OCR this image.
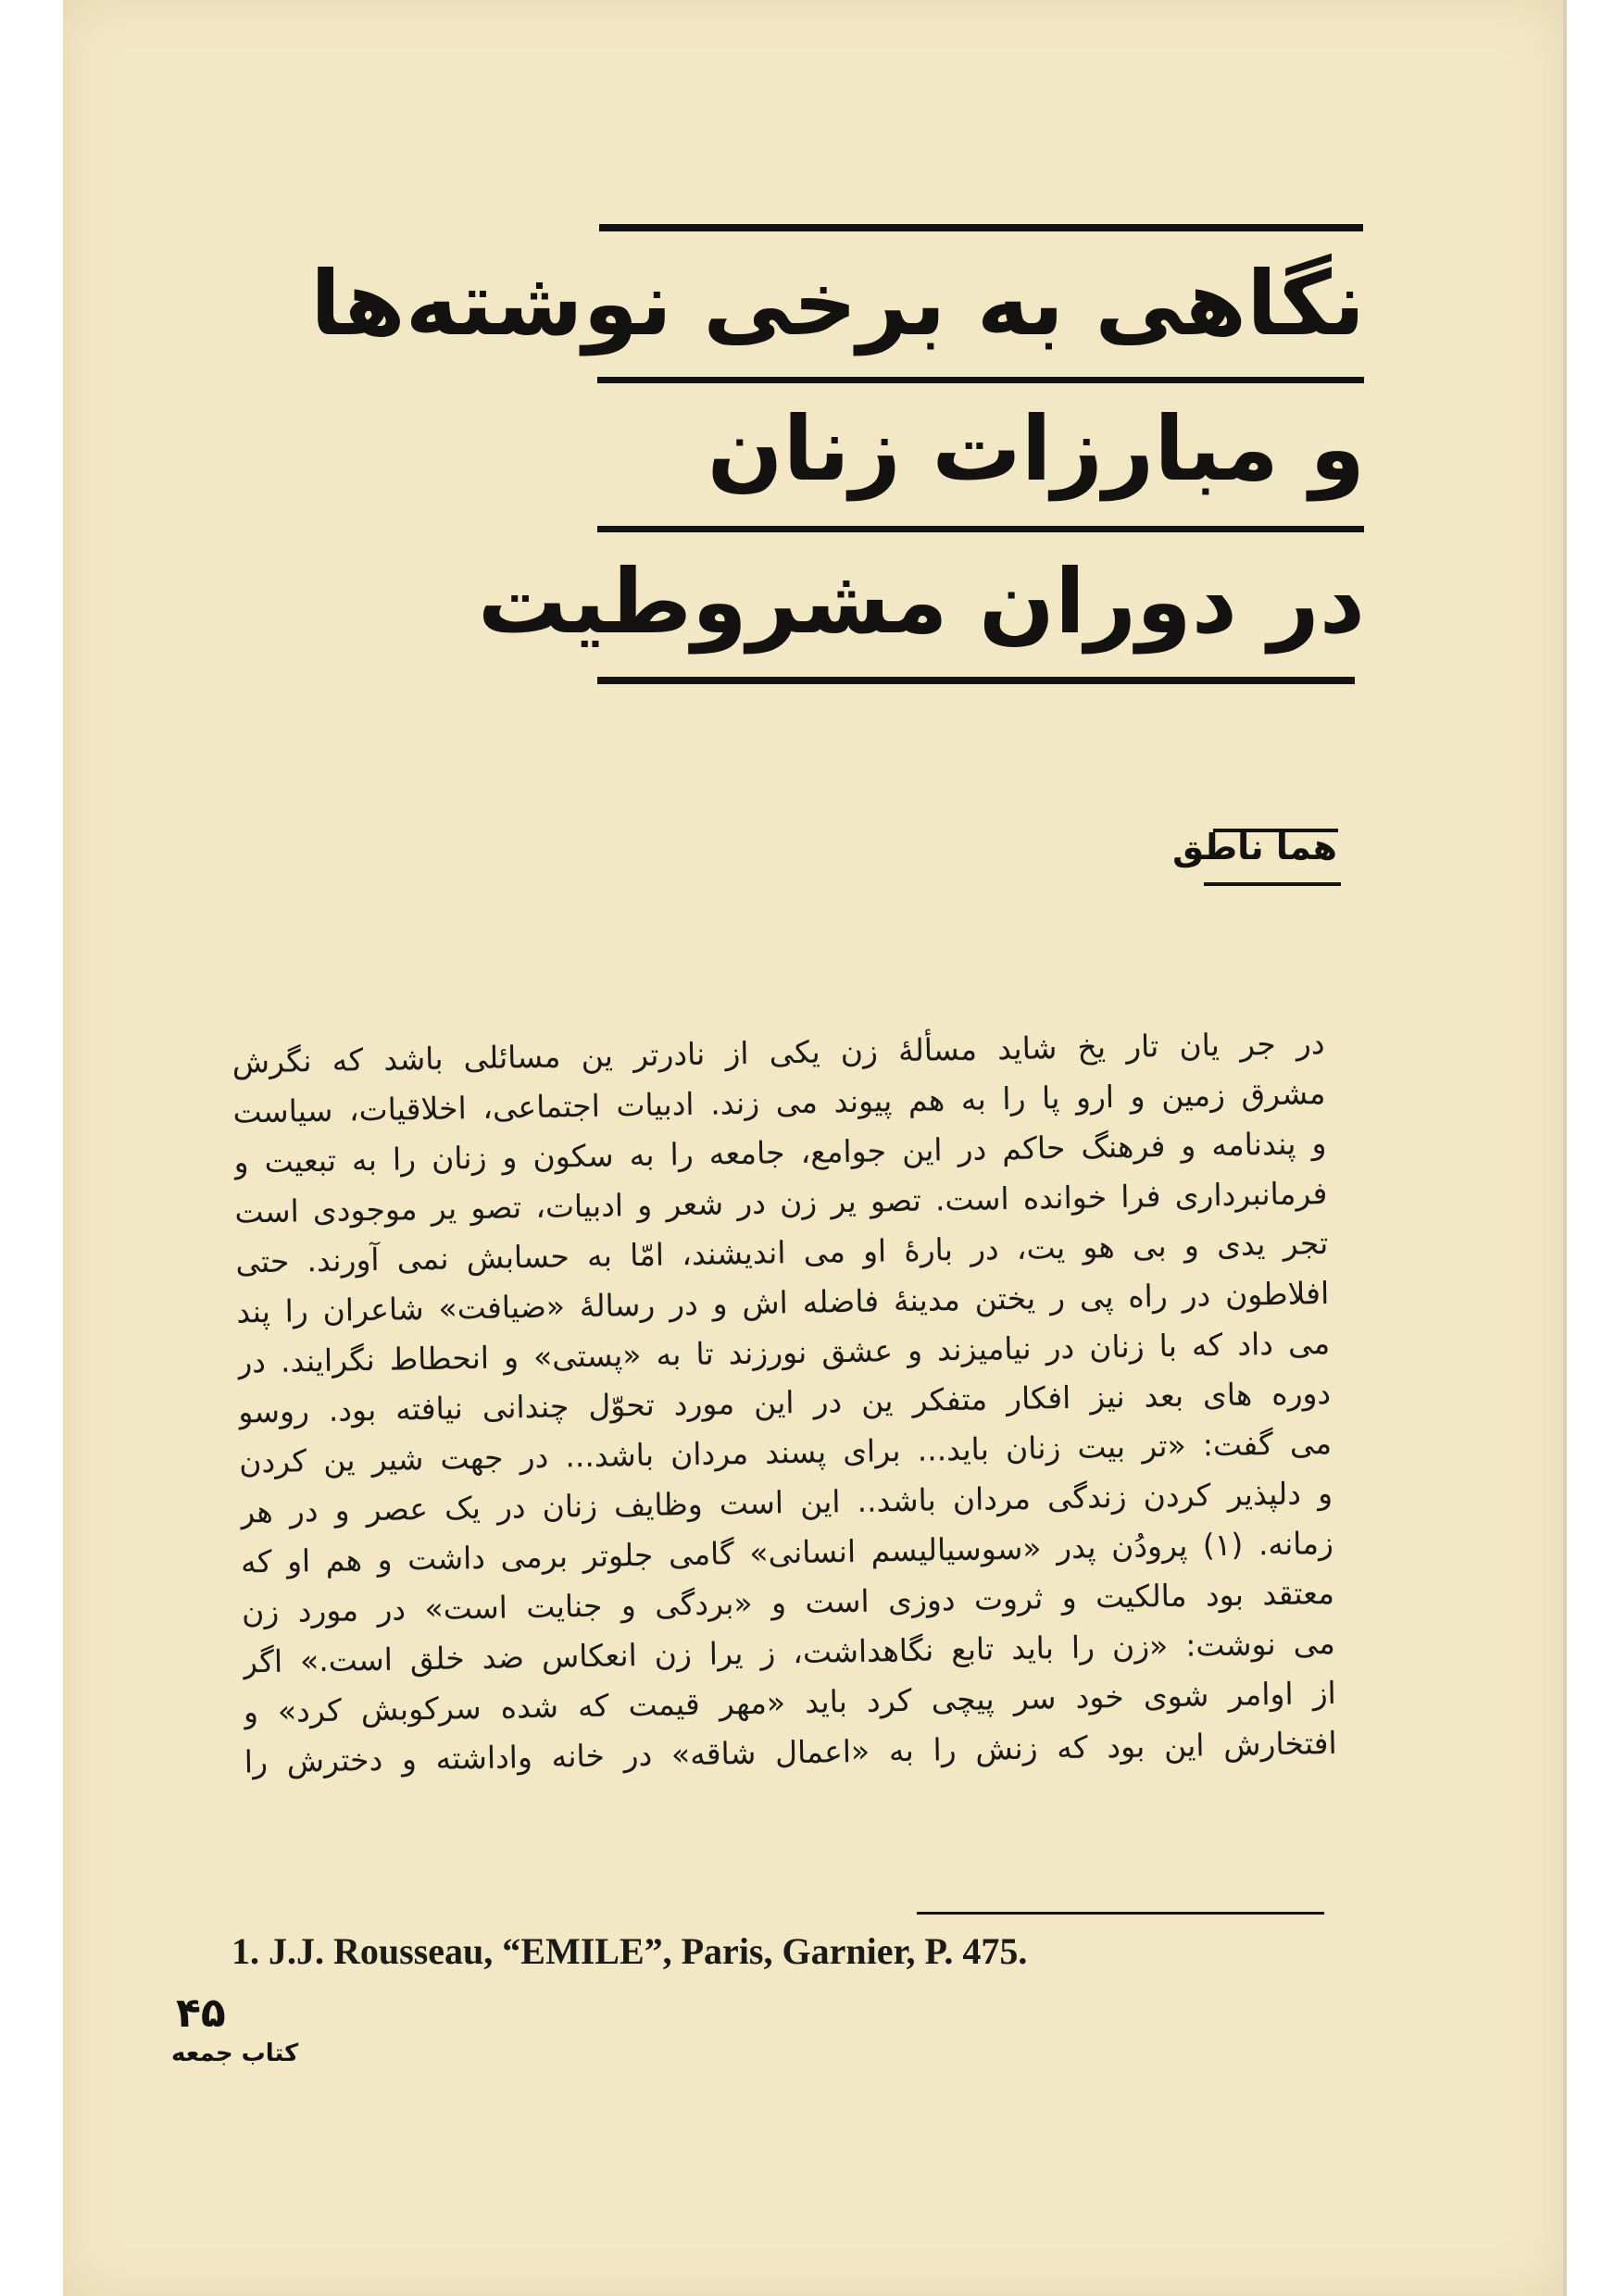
نگاهی به برخی نوشته‌ها
و مبارزات زنان
در دوران مشروطیت
هما ناطق
در جر یان تار یخ شاید مسألهٔ زن یکی از نادرتر ین مسائلی باشد که نگرش
مشرق زمین و ارو پا را به هم پیوند می زند. ادبیات اجتماعی، اخلاقیات، سیاست
و پندنامه و فرهنگ حاکم در این جوامع، جامعه را به سکون و زنان را به تبعیت و
فرمانبرداری فرا خوانده است. تصو یر زن در شعر و ادبیات، تصو یر موجودی است
تجر یدی و بی هو یت، در بارهٔ او می اندیشند، امّا به حسابش نمی آورند. حتی
افلاطون در راه پی ر یختن مدینهٔ فاضله اش و در رسالهٔ «ضیافت» شاعران را پند
می داد که با زنان در نیامیزند و عشق نورزند تا به «پستی» و انحطاط نگرایند. در
دوره های بعد نیز افکار متفکر ین در این مورد تحوّل چندانی نیافته بود. روسو
می گفت: «تر بیت زنان باید... برای پسند مردان باشد... در جهت شیر ین کردن
و دلپذیر کردن زندگی مردان باشد.. این است وظایف زنان در یک عصر و در هر
زمانه. (۱) پرودُن پدر «سوسیالیسم انسانی» گامی جلوتر برمی داشت و هم او که
معتقد بود مالکیت و ثروت دوزی است و «بردگی و جنایت است» در مورد زن
می نوشت: «زن را باید تابع نگاهداشت، ز یرا زن انعکاس ضد خلق است.» اگر
از اوامر شوی خود سر پیچی کرد باید «مهر قیمت که شده سرکوبش کرد» و
افتخارش این بود که زنش را به «اعمال شاقه» در خانه واداشته و دخترش را
1. J.J. Rousseau, “EMILE”, Paris, Garnier, P. 475.
۴۵
کتاب جمعه
